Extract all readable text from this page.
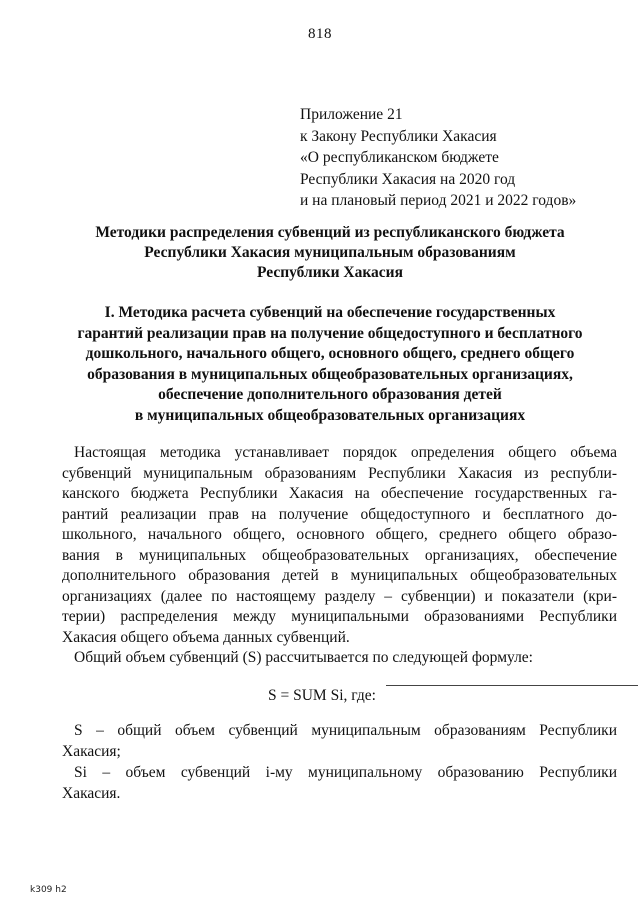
818
Приложение 21
к Закону Республики Хакасия
«О республиканском бюджете
Республики Хакасия на 2020 год
и на плановый период 2021 и 2022 годов»
Методики распределения субвенций из республиканского бюджета
Республики Хакасия муниципальным образованиям
Республики Хакасия
I. Методика расчета субвенций на обеспечение государственных
гарантий реализации прав на получение общедоступного и бесплатного
дошкольного, начального общего, основного общего, среднего общего
образования в муниципальных общеобразовательных организациях,
обеспечение дополнительного образования детей
в муниципальных общеобразовательных организациях
Настоящая методика устанавливает порядок определения общего объема
субвенций муниципальным образованиям Республики Хакасия из республи-
канского бюджета Республики Хакасия на обеспечение государственных га-
рантий реализации прав на получение общедоступного и бесплатного до-
школьного, начального общего, основного общего, среднего общего образо-
вания в муниципальных общеобразовательных организациях, обеспечение
дополнительного образования детей в муниципальных общеобразовательных
организациях (далее по настоящему разделу – субвенции) и показатели (кри-
терии) распределения между муниципальными образованиями Республики
Хакасия общего объема данных субвенций.
Общий объем субвенций (S) рассчитывается по следующей формуле:
S = SUM Si, где:
S – общий объем субвенций муниципальным образованиям Республики
Хакасия;
Si – объем субвенций i-му муниципальному образованию Республики
Хакасия.
k309 h2
